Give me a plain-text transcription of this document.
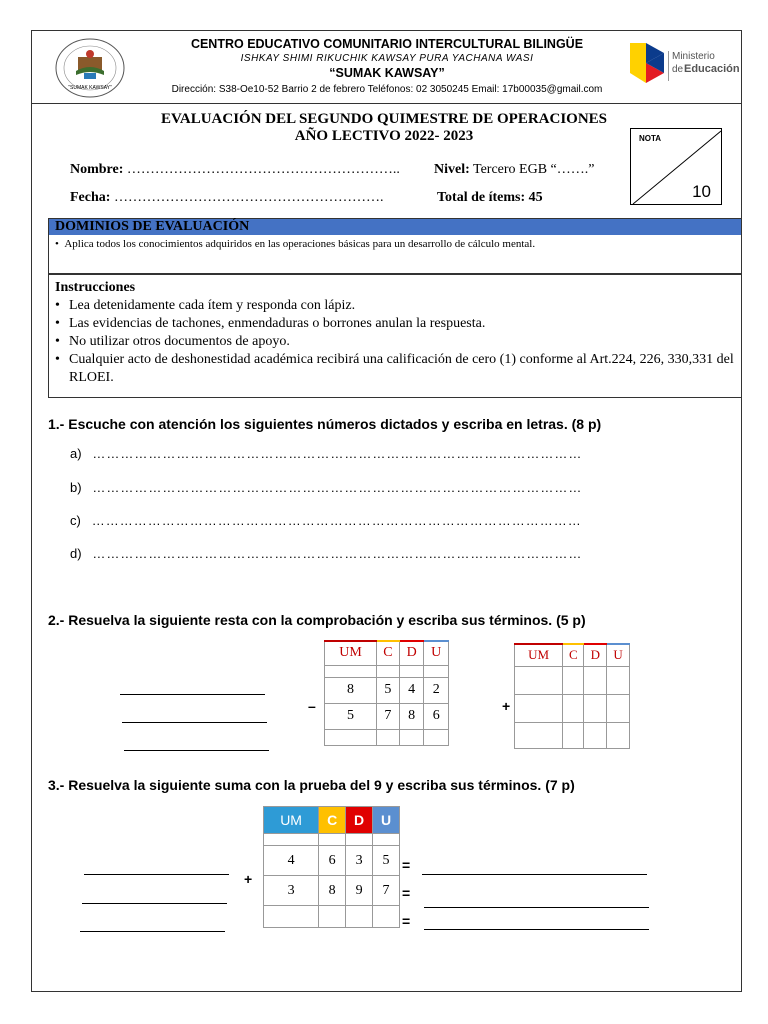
“SUMAK KAWSAY”
CENTRO EDUCATIVO COMUNITARIO INTERCULTURAL BILINGÜE
ISHKAY SHIMI RIKUCHIK KAWSAY PURA YACHANA WASI
“SUMAK KAWSAY”
Dirección: S38-Oe10-52 Barrio 2 de febrero Teléfonos: 02 3050245 Email: 17b00035@gmail.com
Ministerio
de Educación
EVALUACIÓN DEL SEGUNDO QUIMESTRE DE OPERACIONES
AÑO LECTIVO 2022- 2023	NOTA
10
Nombre: ………………………………………………….. Nivel: Tercero EGB “…….”
Fecha: ………………………………………………….	Total de ítems: 45
DOMINIOS DE EVALUACIÓN
•  Aplica todos los conocimientos adquiridos en las operaciones básicas para un desarrollo de cálculo mental.
Instrucciones
• Lea detenidamente cada ítem y responda con lápiz.
• Las evidencias de tachones, enmendaduras o borrones anulan la respuesta.
• No utilizar otros documentos de apoyo.
• Cualquier acto de deshonestidad académica recibirá una calificación de cero (1) conforme al Art.224, 226, 330,331 del RLOEI.
1.- Escuche con atención los siguientes números dictados y escriba en letras. (8 p)
a) ……………………………………………………………………………………………
b) ……………………………………………………………………………………………
c) ……………………………………………………………………………………………
d) ……………………………………………………………………………………………
2.- Resuelva la siguiente resta con la comprobación y escriba sus términos. (5 p)
–
UM	C	D	U

8	5	4	2
5	7	8	6

+
UM	C	D	U

3.- Resuelva la siguiente suma con la prueba del 9 y escriba sus términos. (7 p)
+
UM	C	D	U

4	6	3	5
3	8	9	7

=
=
=
